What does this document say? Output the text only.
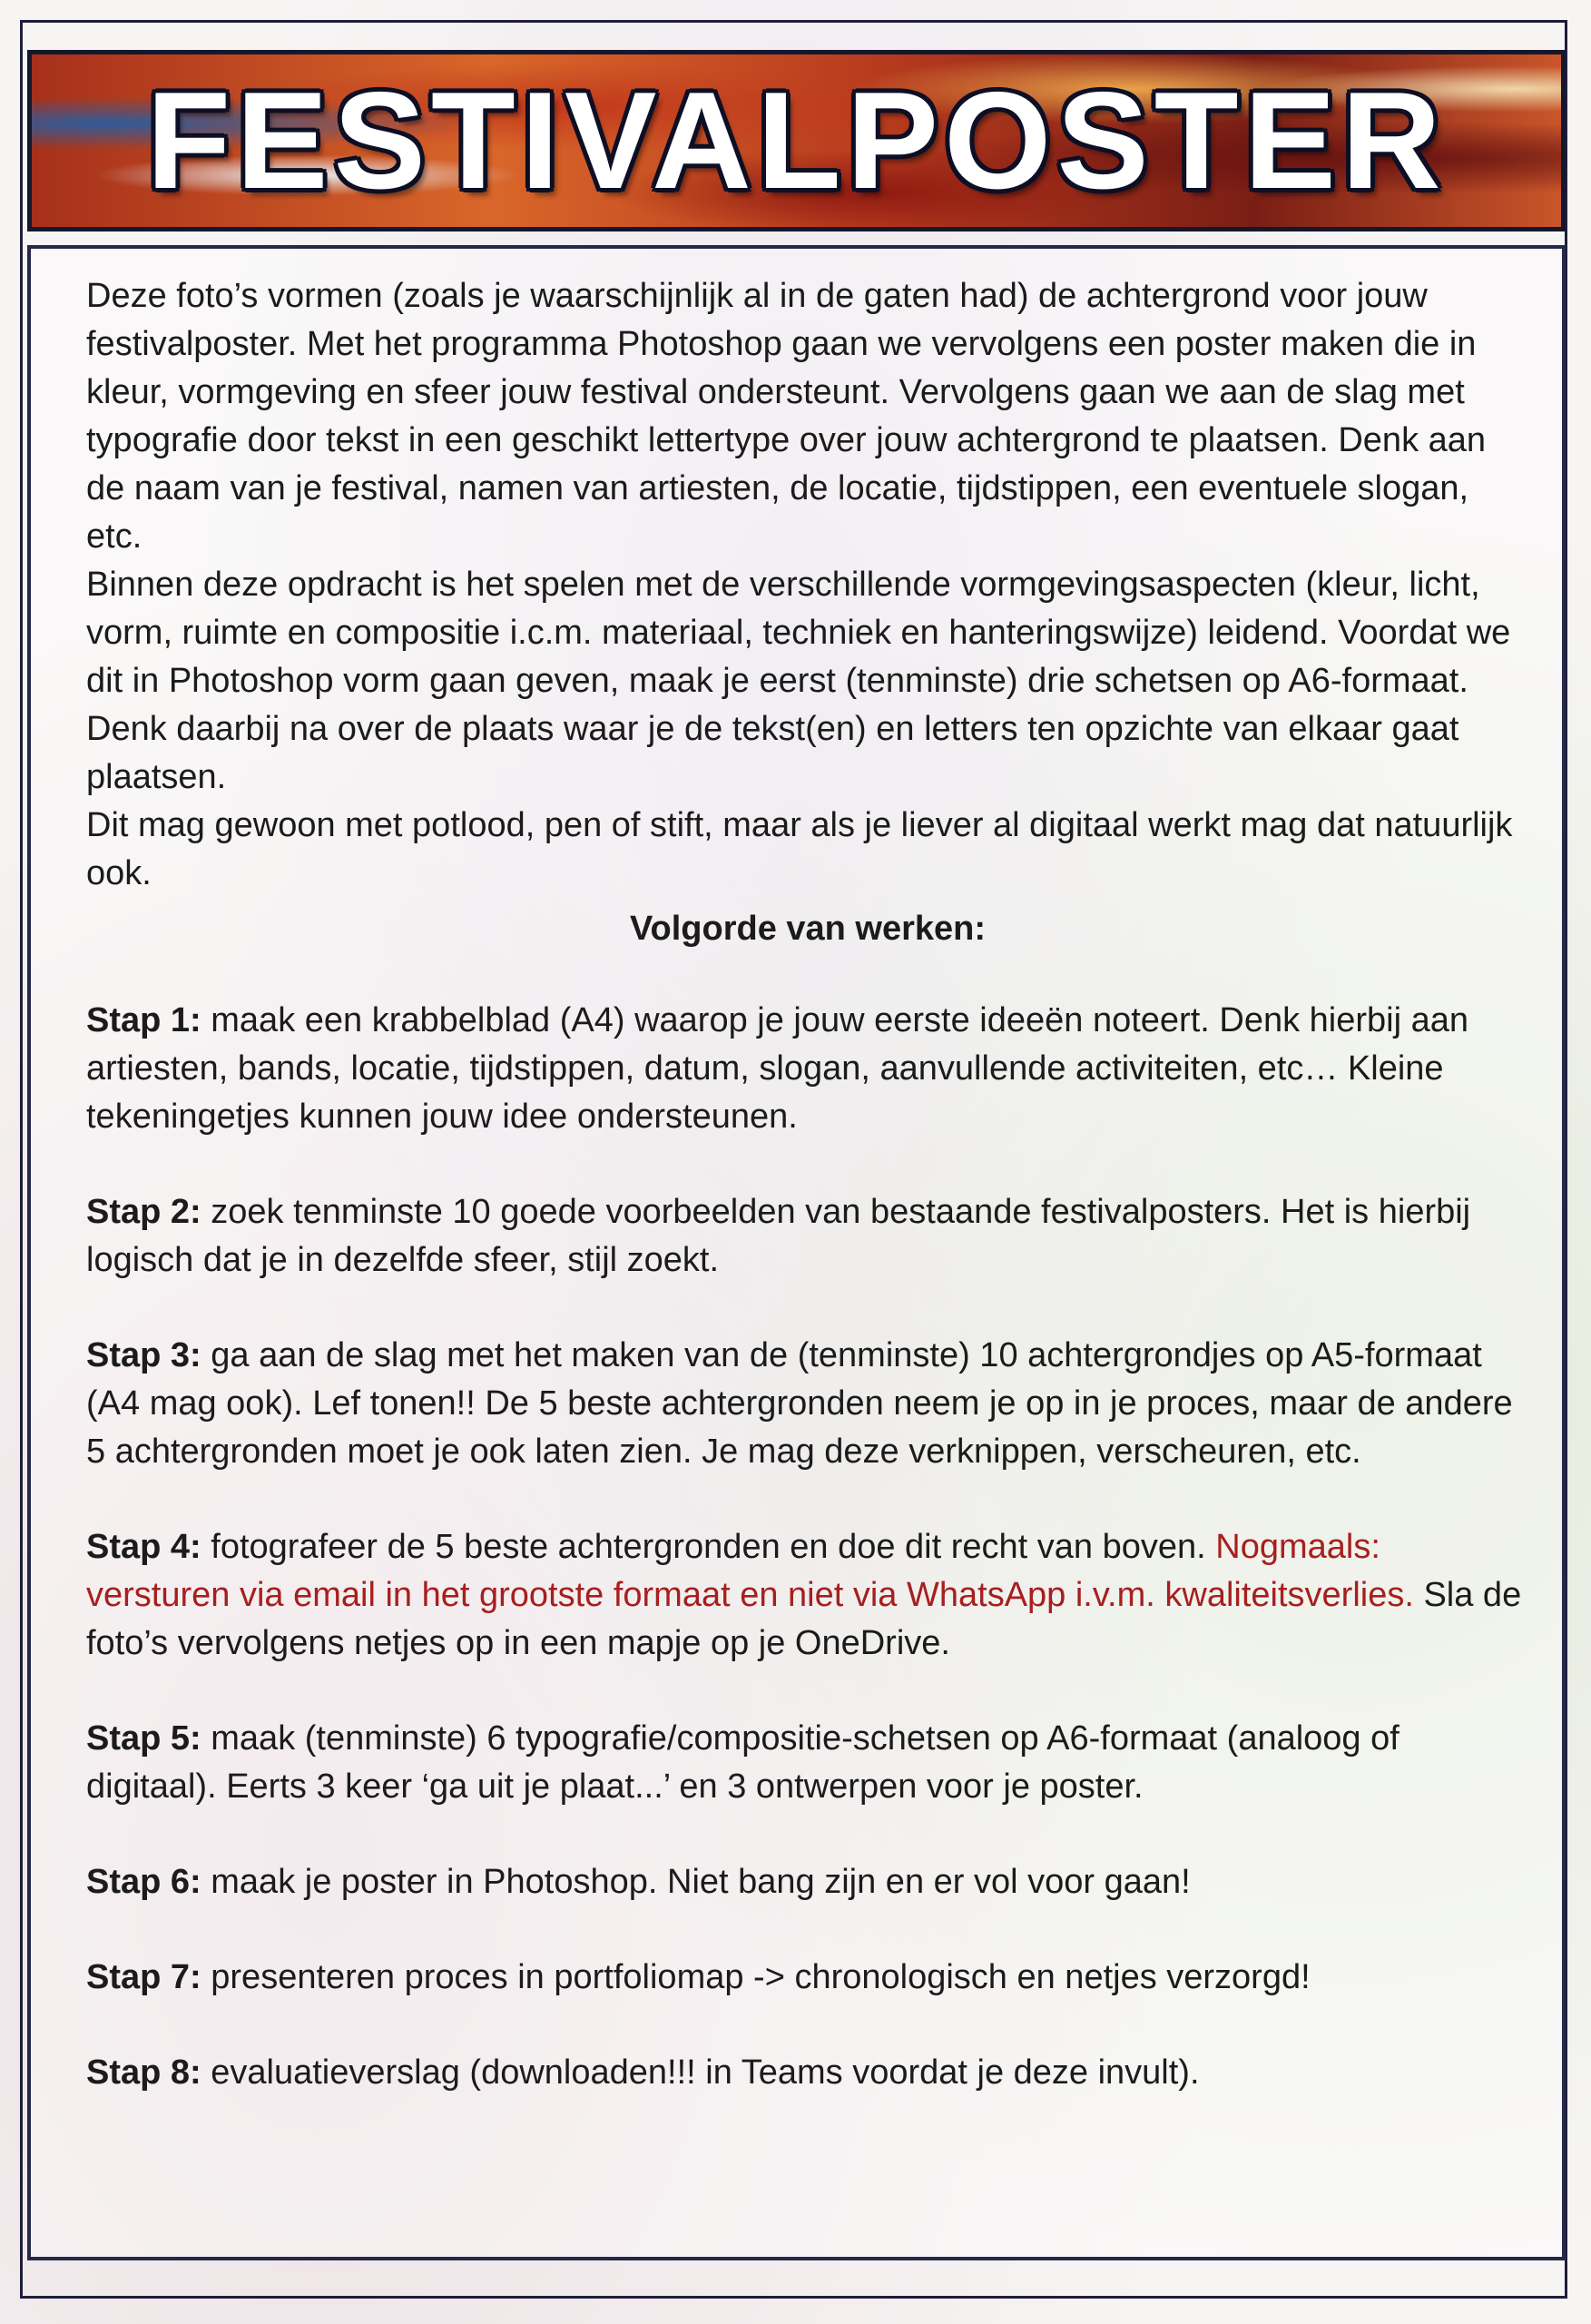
FESTIVALPOSTER

Deze foto’s vormen (zoals je waarschijnlijk al in de gaten had) de achtergrond voor jouw festivalposter. Met het programma Photoshop gaan we vervolgens een poster maken die in kleur, vormgeving en sfeer jouw festival ondersteunt. Vervolgens gaan we aan de slag met typografie door tekst in een geschikt lettertype over jouw achtergrond te plaatsen. Denk aan de naam van je festival, namen van artiesten, de locatie, tijdstippen, een eventuele slogan, etc.

Binnen deze opdracht is het spelen met de verschillende vormgevingsaspecten (kleur, licht, vorm, ruimte en compositie i.c.m. materiaal, techniek en hanteringswijze) leidend. Voordat we dit in Photoshop vorm gaan geven, maak je eerst (tenminste) drie schetsen op A6-formaat. Denk daarbij na over de plaats waar je de tekst(en) en letters ten opzichte van elkaar gaat plaatsen.

Dit mag gewoon met potlood, pen of stift, maar als je liever al digitaal werkt mag dat natuurlijk ook.

Volgorde van werken:
Stap 1: maak een krabbelblad (A4) waarop je jouw eerste ideeën noteert. Denk hierbij aan artiesten, bands, locatie, tijdstippen, datum, slogan, aanvullende activiteiten, etc… Kleine tekeningetjes kunnen jouw idee ondersteunen.
Stap 2: zoek tenminste 10 goede voorbeelden van bestaande festivalposters. Het is hierbij logisch dat je in dezelfde sfeer, stijl zoekt.
Stap 3: ga aan de slag met het maken van de (tenminste) 10 achtergrondjes op A5-formaat (A4 mag ook). Lef tonen!! De 5 beste achtergronden neem je op in je proces, maar de andere 5 achtergronden moet je ook laten zien. Je mag deze verknippen, verscheuren, etc.
Stap 4: fotografeer de 5 beste achtergronden en doe dit recht van boven. Nogmaals: versturen via email in het grootste formaat en niet via WhatsApp i.v.m. kwaliteitsverlies. Sla de foto’s vervolgens netjes op in een mapje op je OneDrive.
Stap 5: maak (tenminste) 6 typografie/compositie-schetsen op A6-formaat (analoog of digitaal). Eerts 3 keer ‘ga uit je plaat...’ en 3 ontwerpen voor je poster.
Stap 6: maak je poster in Photoshop. Niet bang zijn en er vol voor gaan!
Stap 7: presenteren proces in portfoliomap -> chronologisch en netjes verzorgd!
Stap 8: evaluatieverslag (downloaden!!! in Teams voordat je deze invult).
